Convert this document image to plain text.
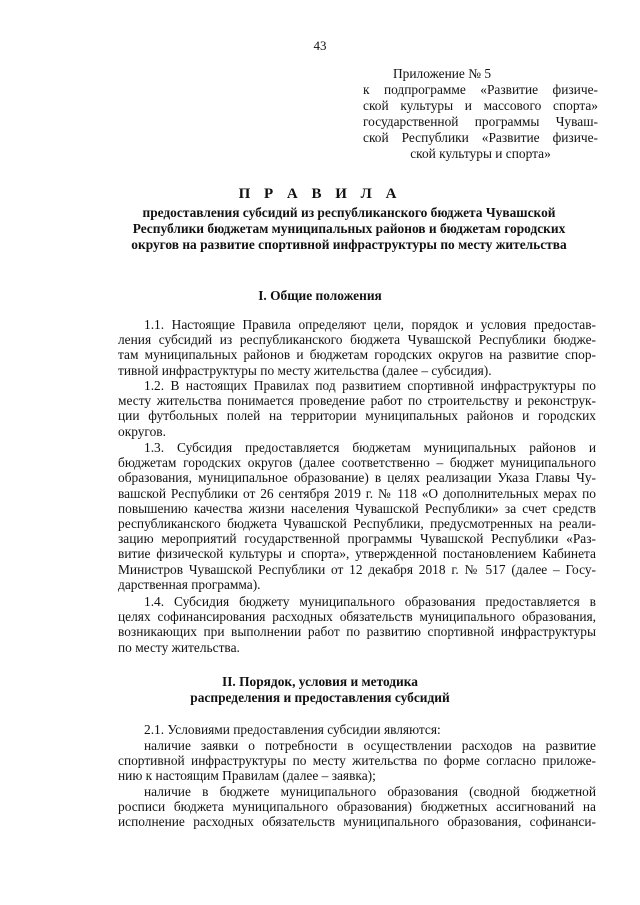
43
Приложение № 5
к подпрограмме «Развитие физиче-
ской культуры и массового спорта»
государственной программы Чуваш-
ской Республики «Развитие физиче-
ской культуры и спорта»
П Р А В И Л А
предоставления субсидий из республиканского бюджета Чувашской
Республики бюджетам муниципальных районов и бюджетам городских
округов на развитие спортивной инфраструктуры по месту жительства
I. Общие положения
1.1. Настоящие Правила определяют цели, порядок и условия предостав-
ления субсидий из республиканского бюджета Чувашской Республики бюдже-
там муниципальных районов и бюджетам городских округов на развитие спор-
тивной инфраструктуры по месту жительства (далее – субсидия).
1.2. В настоящих Правилах под развитием спортивной инфраструктуры по
месту жительства понимается проведение работ по строительству и реконструк-
ции футбольных полей на территории муниципальных районов и городских
округов.
1.3. Субсидия предоставляется бюджетам муниципальных районов и
бюджетам городских округов (далее соответственно – бюджет муниципального
образования, муниципальное образование) в целях реализации Указа Главы Чу-
вашской Республики от 26 сентября 2019 г. № 118 «О дополнительных мерах по
повышению качества жизни населения Чувашской Республики» за счет средств
республиканского бюджета Чувашской Республики, предусмотренных на реали-
зацию мероприятий государственной программы Чувашской Республики «Раз-
витие физической культуры и спорта», утвержденной постановлением Кабинета
Министров Чувашской Республики от 12 декабря 2018 г. № 517 (далее – Госу-
дарственная программа).
1.4. Субсидия бюджету муниципального образования предоставляется в
целях софинансирования расходных обязательств муниципального образования,
возникающих при выполнении работ по развитию спортивной инфраструктуры
по месту жительства.
II. Порядок, условия и методика
распределения и предоставления субсидий
2.1. Условиями предоставления субсидии являются:
наличие заявки о потребности в осуществлении расходов на развитие
спортивной инфраструктуры по месту жительства по форме согласно приложе-
нию к настоящим Правилам (далее – заявка);
наличие в бюджете муниципального образования (сводной бюджетной
росписи бюджета муниципального образования) бюджетных ассигнований на
исполнение расходных обязательств муниципального образования, софинанси-
